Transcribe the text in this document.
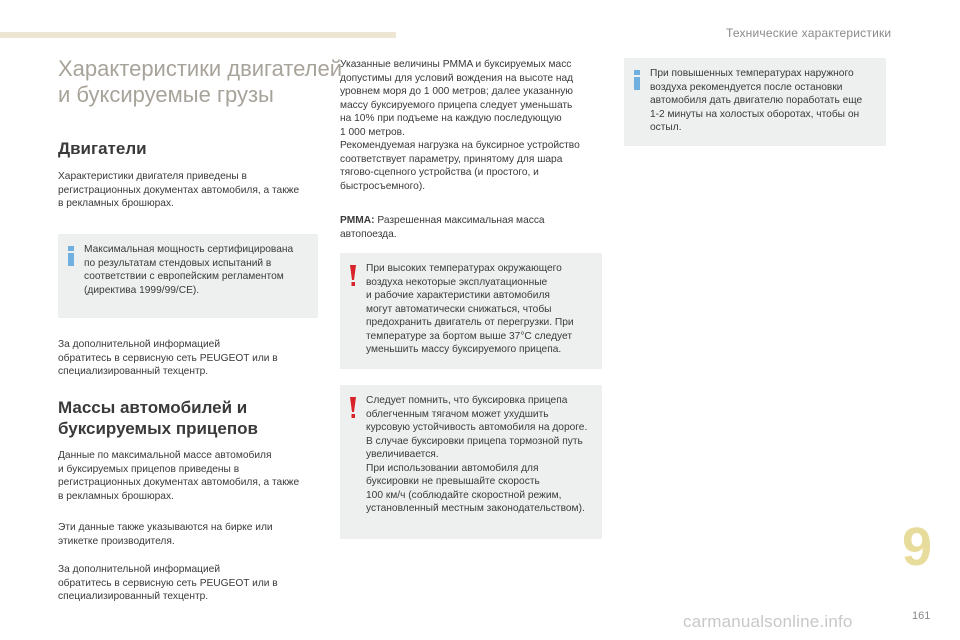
Технические характеристики
Характеристики двигателей
и буксируемые грузы
Двигатели
Характеристики двигателя приведены в
регистрационных документах автомобиля, а также
в рекламных брошюрах.
Максимальная мощность сертифицирована
по результатам стендовых испытаний в
соответствии с европейским регламентом
(директива 1999/99/CE).
За дополнительной информацией
обратитесь в сервисную сеть PEUGEOT или в
специализированный техцентр.
Массы автомобилей и
буксируемых прицепов
Данные по максимальной массе автомобиля
и буксируемых прицепов приведены в
регистрационных документах автомобиля, а также
в рекламных брошюрах.
Эти данные также указываются на бирке или
этикетке производителя.
За дополнительной информацией
обратитесь в сервисную сеть PEUGEOT или в
специализированный техцентр.
Указанные величины PMMA и буксируемых масс
допустимы для условий вождения на высоте над
уровнем моря до 1 000 метров; далее указанную
массу буксируемого прицепа следует уменьшать
на 10% при подъеме на каждую последующую
1 000 метров.
Рекомендуемая нагрузка на буксирное устройство
соответствует параметру, принятому для шара
тягово-сцепного устройства (и простого, и
быстросъемного).
PMMA: Разрешенная максимальная масса
автопоезда.
При высоких температурах окружающего
воздуха некоторые эксплуатационные
и рабочие характеристики автомобиля
могут автоматически снижаться, чтобы
предохранить двигатель от перегрузки. При
температуре за бортом выше 37°C следует
уменьшить массу буксируемого прицепа.
Следует помнить, что буксировка прицепа
облегченным тягачом может ухудшить
курсовую устойчивость автомобиля на дороге.
В случае буксировки прицепа тормозной путь
увеличивается.
При использовании автомобиля для
буксировки не превышайте скорость
100 км/ч (соблюдайте скоростной режим,
установленный местным законодательством).
При повышенных температурах наружного
воздуха рекомендуется после остановки
автомобиля дать двигателю поработать еще
1-2 минуты на холостых оборотах, чтобы он
остыл.
9
161
carmanualsonline.info
